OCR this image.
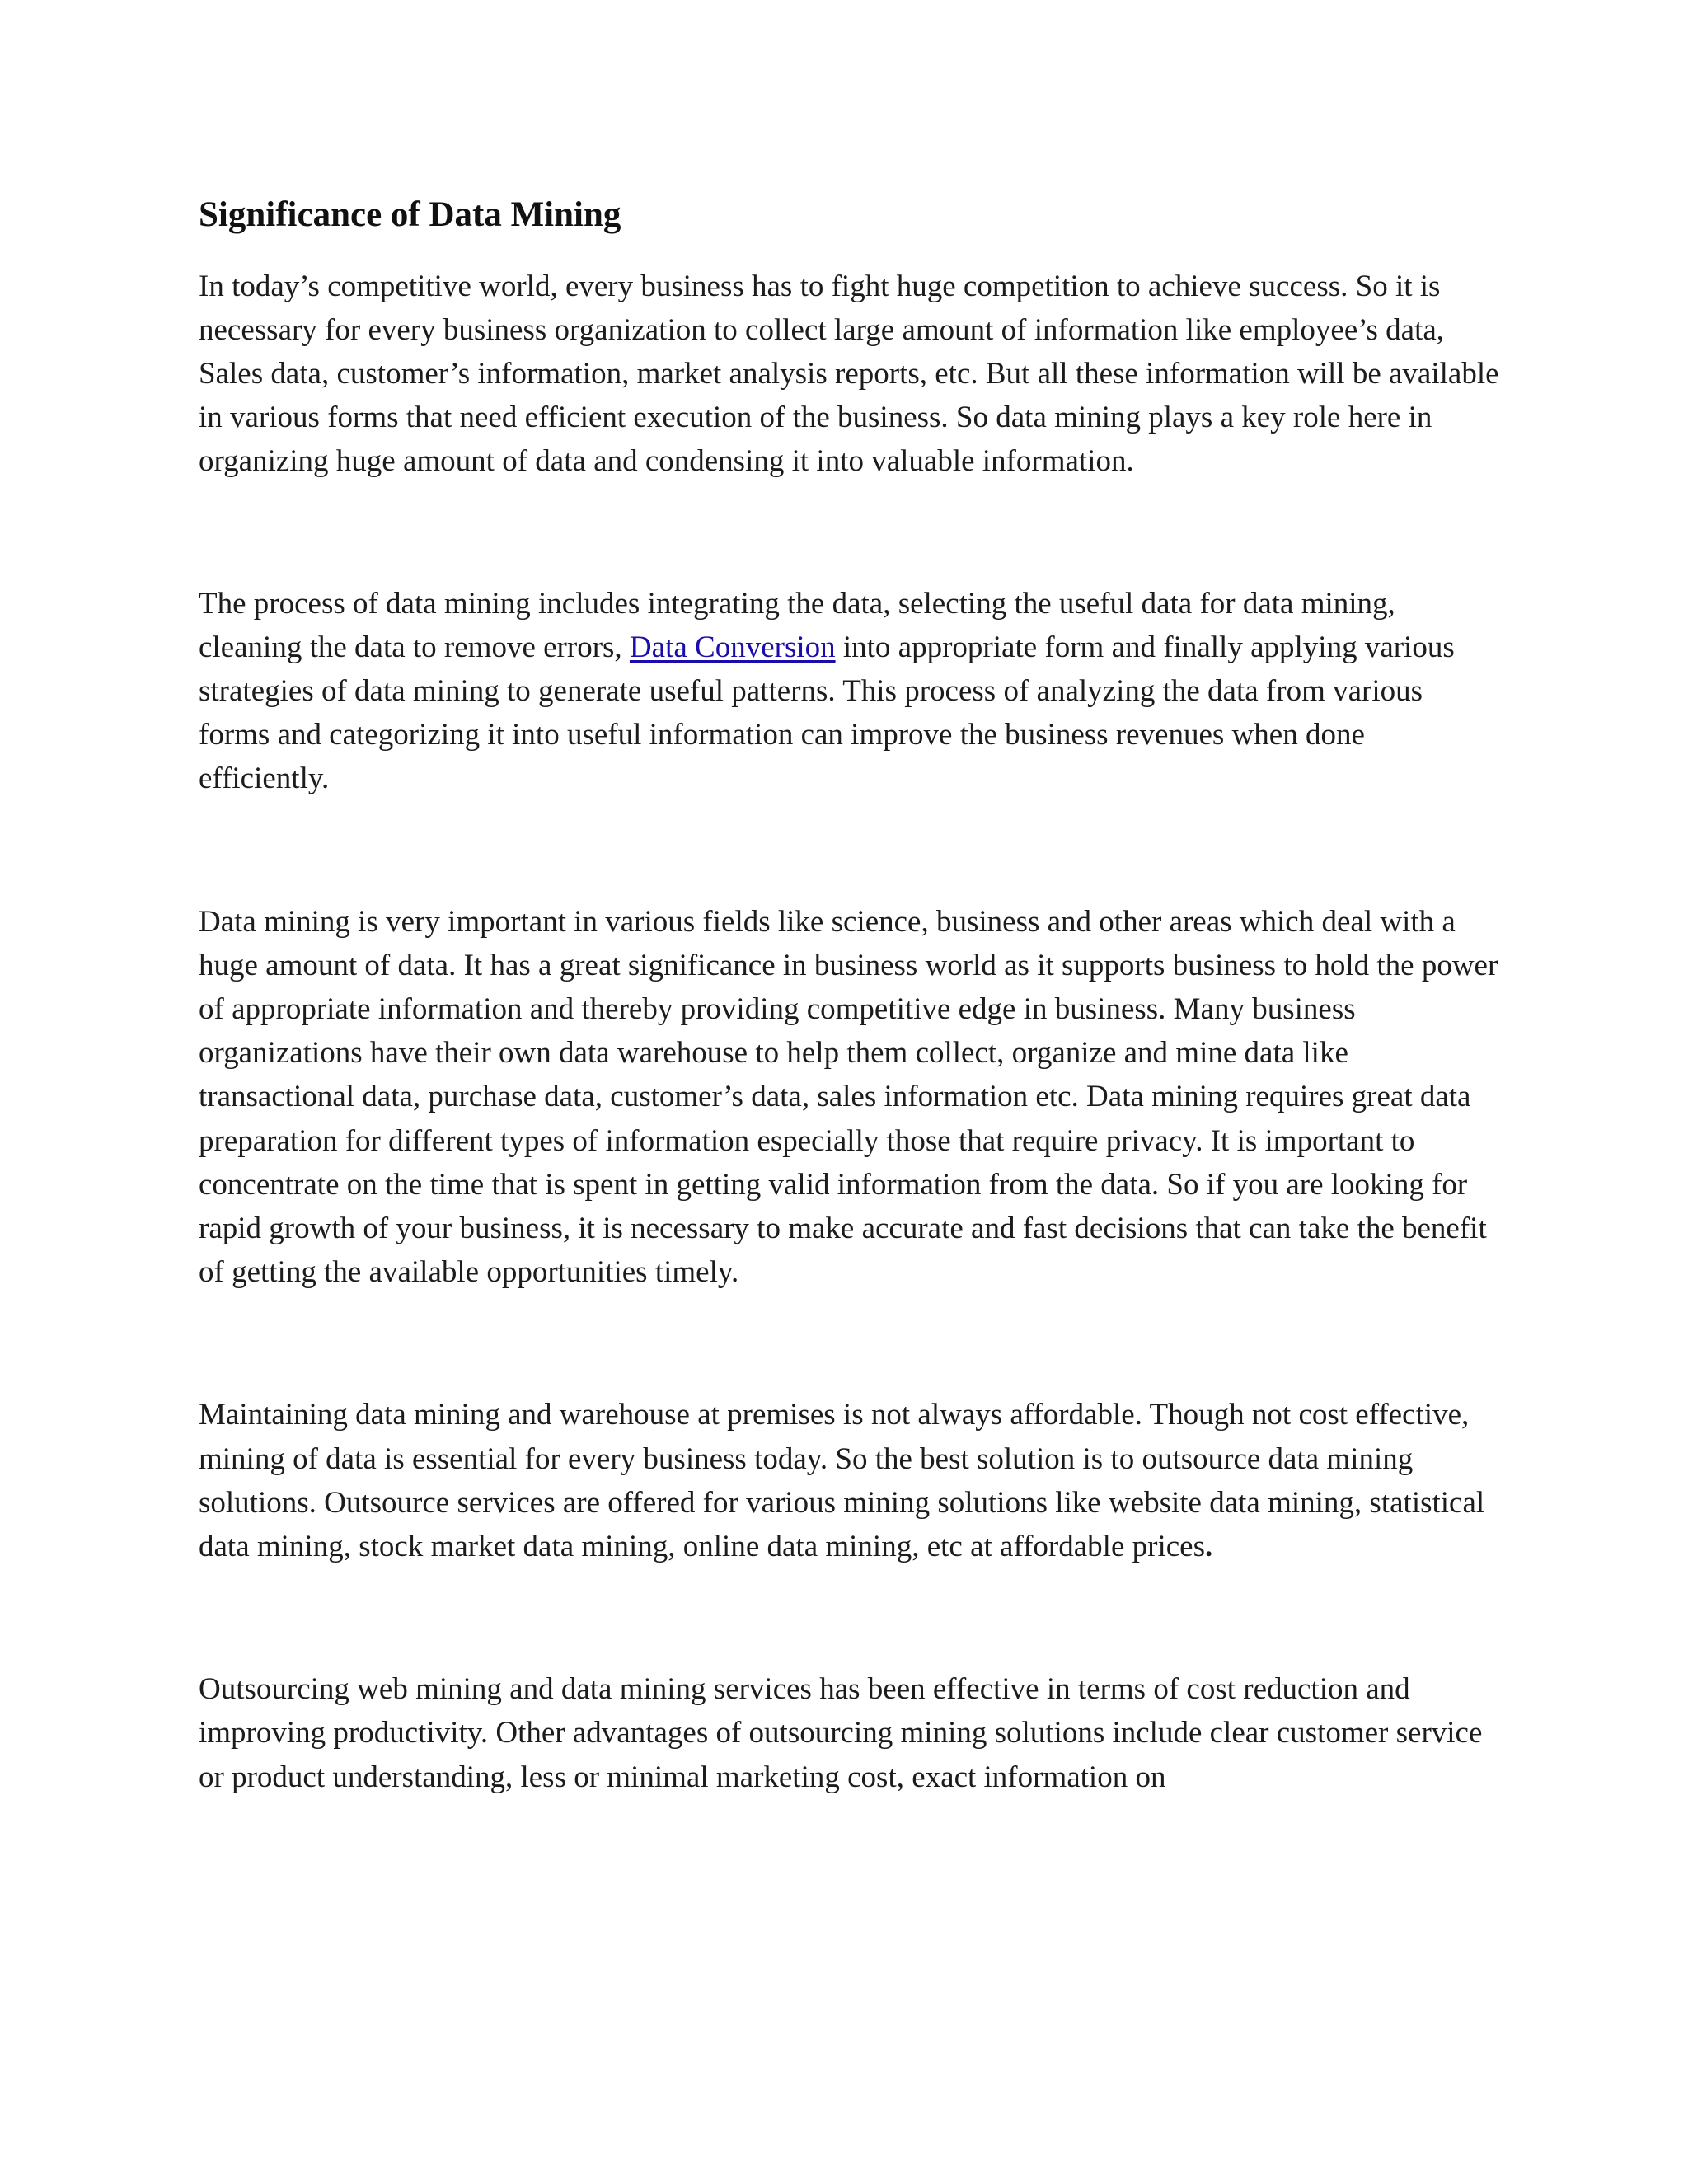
Significance of Data Mining

In today’s competitive world, every business has to fight huge competition to achieve success. So it is necessary for every business organization to collect large amount of information like employee’s data, Sales data, customer’s information, market analysis reports, etc. But all these information will be available in various forms that need efficient execution of the business. So data mining plays a key role here in organizing huge amount of data and condensing it into valuable information.

The process of data mining includes integrating the data, selecting the useful data for data mining, cleaning the data to remove errors, Data Conversion into appropriate form and finally applying various strategies of data mining to generate useful patterns. This process of analyzing the data from various forms and categorizing it into useful information can improve the business revenues when done efficiently.

Data mining is very important in various fields like science, business and other areas which deal with a huge amount of data. It has a great significance in business world as it supports business to hold the power of appropriate information and thereby providing competitive edge in business. Many business organizations have their own data warehouse to help them collect, organize and mine data like transactional data, purchase data, customer’s data, sales information etc. Data mining requires great data preparation for different types of information especially those that require privacy. It is important to concentrate on the time that is spent in getting valid information from the data. So if you are looking for rapid growth of your business, it is necessary to make accurate and fast decisions that can take the benefit of getting the available opportunities timely.

Maintaining data mining and warehouse at premises is not always affordable. Though not cost effective, mining of data is essential for every business today. So the best solution is to outsource data mining solutions. Outsource services are offered for various mining solutions like website data mining, statistical data mining, stock market data mining, online data mining, etc at affordable prices.

Outsourcing web mining and data mining services has been effective in terms of cost reduction and improving productivity. Other advantages of outsourcing mining solutions include clear customer service or product understanding, less or minimal marketing cost, exact information on
